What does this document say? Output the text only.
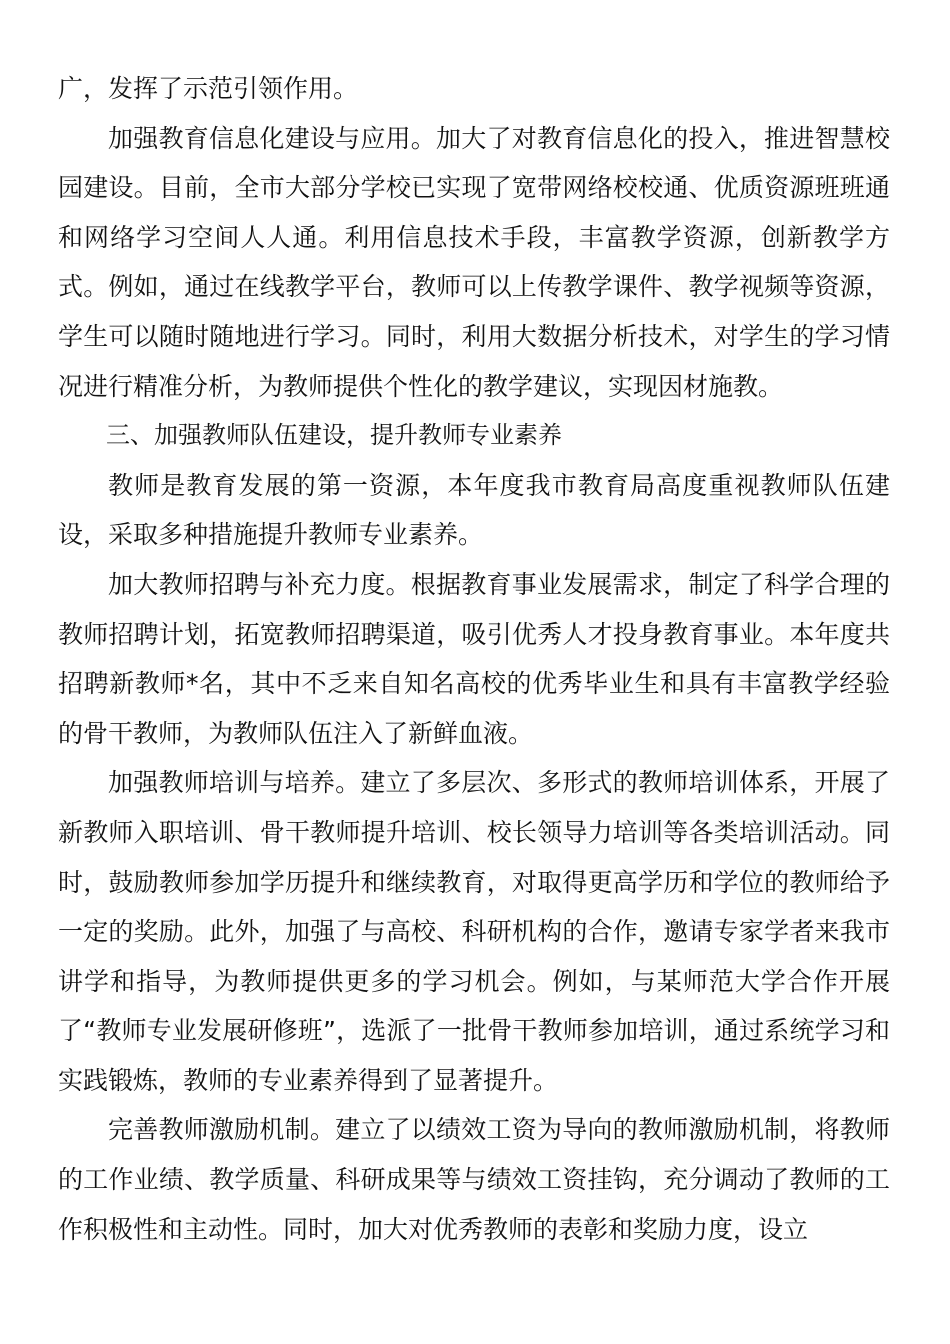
广，发挥了示范引领作用。

加强教育信息化建设与应用。加大了对教育信息化的投入，推进智慧校园建设。目前，全市大部分学校已实现了宽带网络校校通、优质资源班班通和网络学习空间人人通。利用信息技术手段，丰富教学资源，创新教学方式。例如，通过在线教学平台，教师可以上传教学课件、教学视频等资源，学生可以随时随地进行学习。同时，利用大数据分析技术，对学生的学习情况进行精准分析，为教师提供个性化的教学建议，实现因材施教。

三、加强教师队伍建设，提升教师专业素养

教师是教育发展的第一资源，本年度我市教育局高度重视教师队伍建设，采取多种措施提升教师专业素养。

加大教师招聘与补充力度。根据教育事业发展需求，制定了科学合理的教师招聘计划，拓宽教师招聘渠道，吸引优秀人才投身教育事业。本年度共招聘新教师*名，其中不乏来自知名高校的优秀毕业生和具有丰富教学经验的骨干教师，为教师队伍注入了新鲜血液。

加强教师培训与培养。建立了多层次、多形式的教师培训体系，开展了新教师入职培训、骨干教师提升培训、校长领导力培训等各类培训活动。同时，鼓励教师参加学历提升和继续教育，对取得更高学历和学位的教师给予一定的奖励。此外，加强了与高校、科研机构的合作，邀请专家学者来我市讲学和指导，为教师提供更多的学习机会。例如，与某师范大学合作开展了“教师专业发展研修班”，选派了一批骨干教师参加培训，通过系统学习和实践锻炼，教师的专业素养得到了显著提升。

完善教师激励机制。建立了以绩效工资为导向的教师激励机制，将教师的工作业绩、教学质量、科研成果等与绩效工资挂钩，充分调动了教师的工作积极性和主动性。同时，加大对优秀教师的表彰和奖励力度，设立
